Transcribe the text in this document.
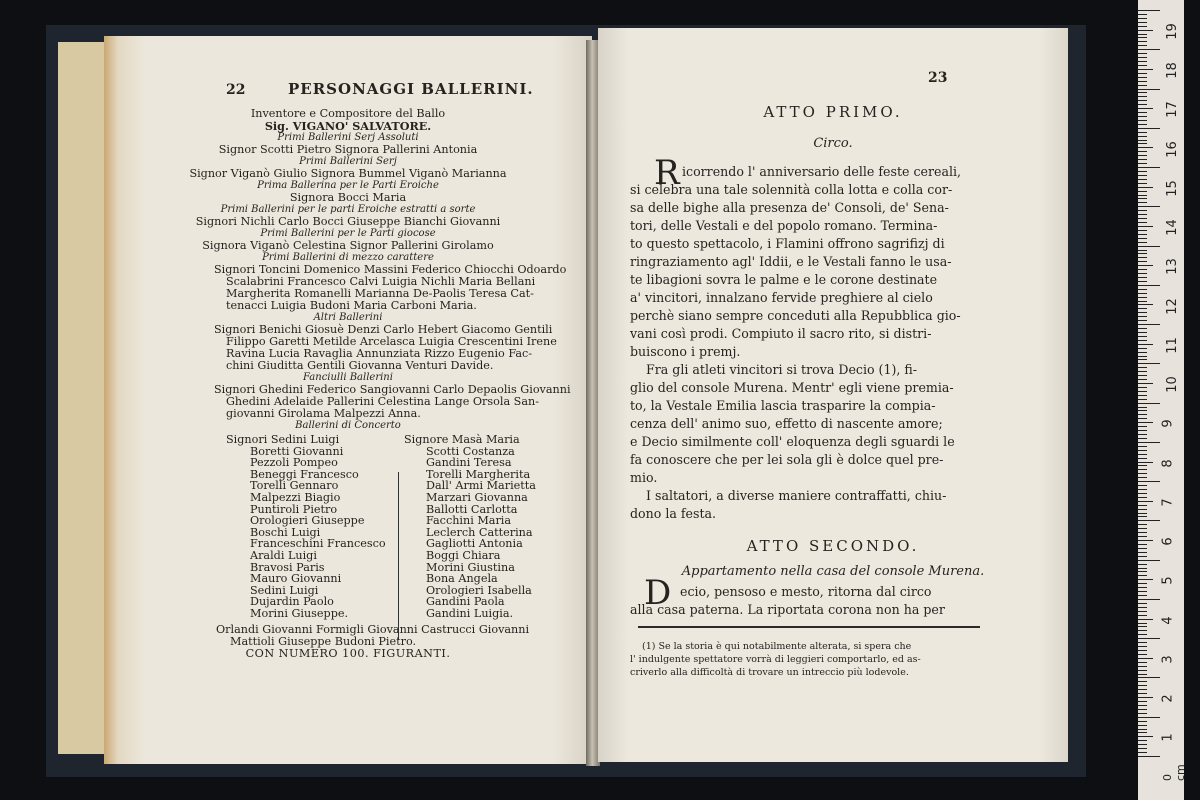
22	PERSONAGGI BALLERINI.
Inventore e Compositore del Ballo
Sig. VIGANO' SALVATORE.
Primi Ballerini Serj Assoluti
Signor Scotti Pietro Signora Pallerini Antonia
Primi Ballerini Serj
Signor Viganò Giulio Signora Bummel Viganò Marianna
Prima Ballerina per le Parti Eroiche
Signora Bocci Maria
Primi Ballerini per le parti Eroiche estratti a sorte
Signori Nichli Carlo Bocci Giuseppe Bianchi Giovanni
Primi Ballerini per le Parti giocose
Signora Viganò Celestina Signor Pallerini Girolamo
Primi Ballerini di mezzo carattere
Signori Toncini Domenico Massini Federico Chiocchi Odoardo
Scalabrini Francesco Calvi Luigia Nichli Maria Bellani
Margherita Romanelli Marianna De-Paolis Teresa Cat-
tenacci Luigia Budoni Maria Carboni Maria.
Altri Ballerini
Signori Benichi Giosuè Denzi Carlo Hebert Giacomo Gentili
Filippo Garetti Metilde Arcelasca Luigia Crescentini Irene
Ravina Lucia Ravaglia Annunziata Rizzo Eugenio Fac-
chini Giuditta Gentili Giovanna Venturi Davide.
Fanciulli Ballerini
Signori Ghedini Federico Sangiovanni Carlo Depaolis Giovanni
Ghedini Adelaide Pallerini Celestina Lange Orsola San-
giovanni Girolama Malpezzi Anna.
Ballerini di Concerto
Signori Sedini Luigi
Boretti Giovanni
Pezzoli Pompeo
Beneggi Francesco
Torelli Gennaro
Malpezzi Biagio
Puntiroli Pietro
Orologieri Giuseppe
Boschi Luigi
Franceschini Francesco
Araldi Luigi
Bravosi Paris
Mauro Giovanni
Sedini Luigi
Dujardin Paolo
Morini Giuseppe.
Signore Masà Maria
Scotti Costanza
Gandini Teresa
Torelli Margherita
Dall' Armi Marietta
Marzari Giovanna
Ballotti Carlotta
Facchini Maria
Leclerch Catterina
Gagliotti Antonia
Boggi Chiara
Morini Giustina
Bona Angela
Orologieri Isabella
Gandini Paola
Gandini Luigia.
Orlandi Giovanni Formigli Giovanni Castrucci Giovanni
Mattioli Giuseppe Budoni Pietro.
CON NUMERO 100. FIGURANTI.
23
ATTO PRIMO.
Circo.
R icorrendo l' anniversario delle feste cereali,
si celebra una tale solennità colla lotta e colla cor-
sa delle bighe alla presenza de' Consoli, de' Sena-
tori, delle Vestali e del popolo romano. Termina-
to questo spettacolo, i Flamini offrono sagrifizj di
ringraziamento agl' Iddii, e le Vestali fanno le usa-
te libagioni sovra le palme e le corone destinate
a' vincitori, innalzano fervide preghiere al cielo
perchè siano sempre conceduti alla Repubblica gio-
vani così prodi. Compiuto il sacro rito, si distri-
buiscono i premj.
Fra gli atleti vincitori si trova Decio (1), fi-
glio del console Murena. Mentr' egli viene premia-
to, la Vestale Emilia lascia trasparire la compia-
cenza dell' animo suo, effetto di nascente amore;
e Decio similmente coll' eloquenza degli sguardi le
fa conoscere che per lei sola gli è dolce quel pre-
mio.
I saltatori, a diverse maniere contraffatti, chiu-
dono la festa.
ATTO SECONDO.
Appartamento nella casa del console Murena.
D ecio, pensoso e mesto, ritorna dal circo
alla casa paterna. La riportata corona non ha per
(1) Se la storia è qui notabilmente alterata, si spera che
l' indulgente spettatore vorrà di leggieri comportarlo, ed as-
criverlo alla difficoltà di trovare un intreccio più lodevole.
19
18
17
16
15
14
13
12
11
10
9
8
7
6
5
4
3
2
1
0 cm
